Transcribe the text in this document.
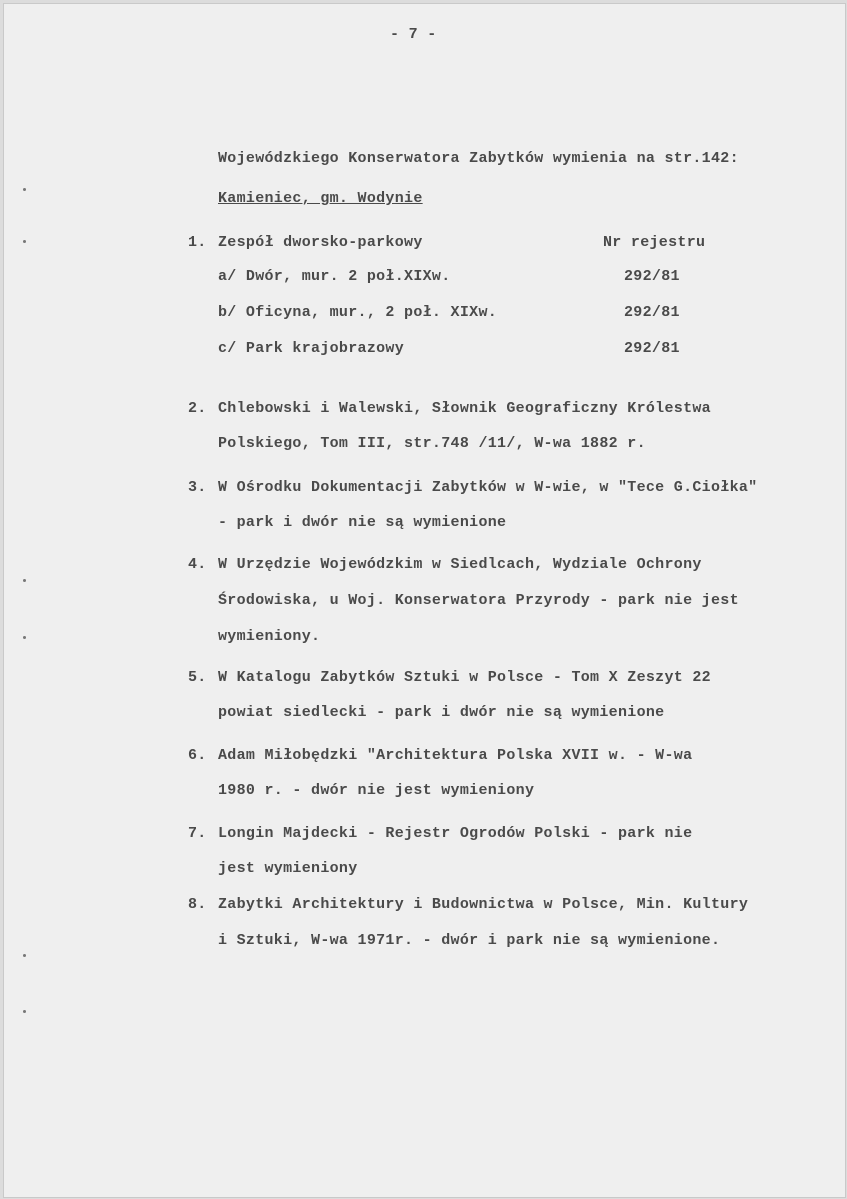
- 7 -
Wojewódzkiego Konserwatora Zabytków wymienia na str.142:
Kamieniec, gm. Wodynie
1. Zespół dworsko-parkowy	Nr rejestru
a/ Dwór, mur. 2 poł.XIXw.	292/81
b/ Oficyna, mur., 2 poł. XIXw.	292/81
c/ Park krajobrazowy	292/81
2. Chlebowski i Walewski, Słownik Geograficzny Królestwa
Polskiego, Tom III, str.748 /11/, W-wa 1882 r.
3. W Ośrodku Dokumentacji Zabytków w W-wie, w "Tece G.Ciołka"
- park i dwór nie są wymienione
4. W Urzędzie Wojewódzkim w Siedlcach, Wydziale Ochrony
Środowiska, u Woj. Konserwatora Przyrody - park nie jest
wymieniony.
5. W Katalogu Zabytków Sztuki w Polsce - Tom X Zeszyt 22
powiat siedlecki - park i dwór nie są wymienione
6. Adam Miłobędzki "Architektura Polska XVII w. - W-wa
1980 r. - dwór nie jest wymieniony
7. Longin Majdecki - Rejestr Ogrodów Polski - park nie
jest wymieniony
8. Zabytki Architektury i Budownictwa w Polsce, Min. Kultury
i Sztuki, W-wa 1971r. - dwór i park nie są wymienione.
